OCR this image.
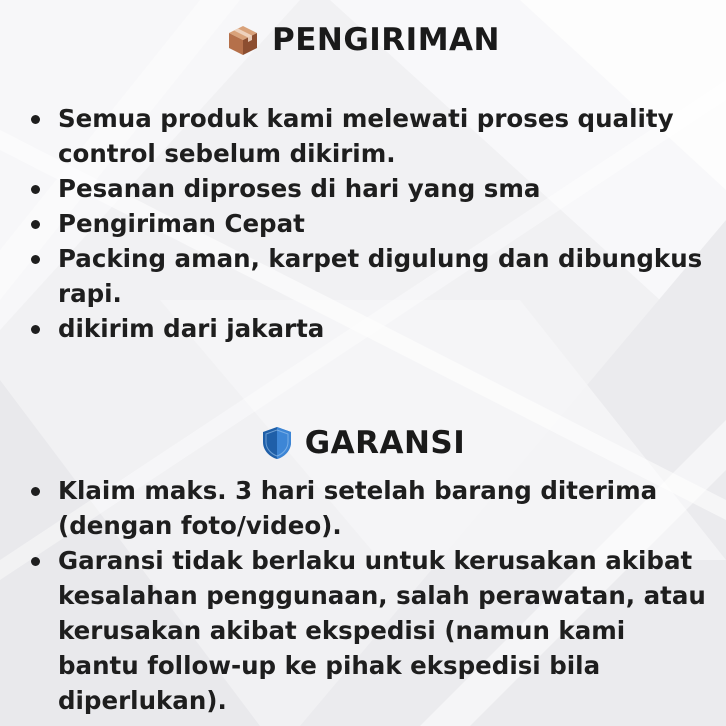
PENGIRIMAN
Semua produk kami melewati proses quality control sebelum dikirim.
Pesanan diproses di hari yang sma
Pengiriman Cepat
Packing aman, karpet digulung dan dibungkus rapi.
dikirim dari jakarta
GARANSI
Klaim maks. 3 hari setelah barang diterima (dengan foto/video).
Garansi tidak berlaku untuk kerusakan akibat kesalahan penggunaan, salah perawatan, atau kerusakan akibat ekspedisi (namun kami bantu follow-up ke pihak ekspedisi bila diperlukan).
